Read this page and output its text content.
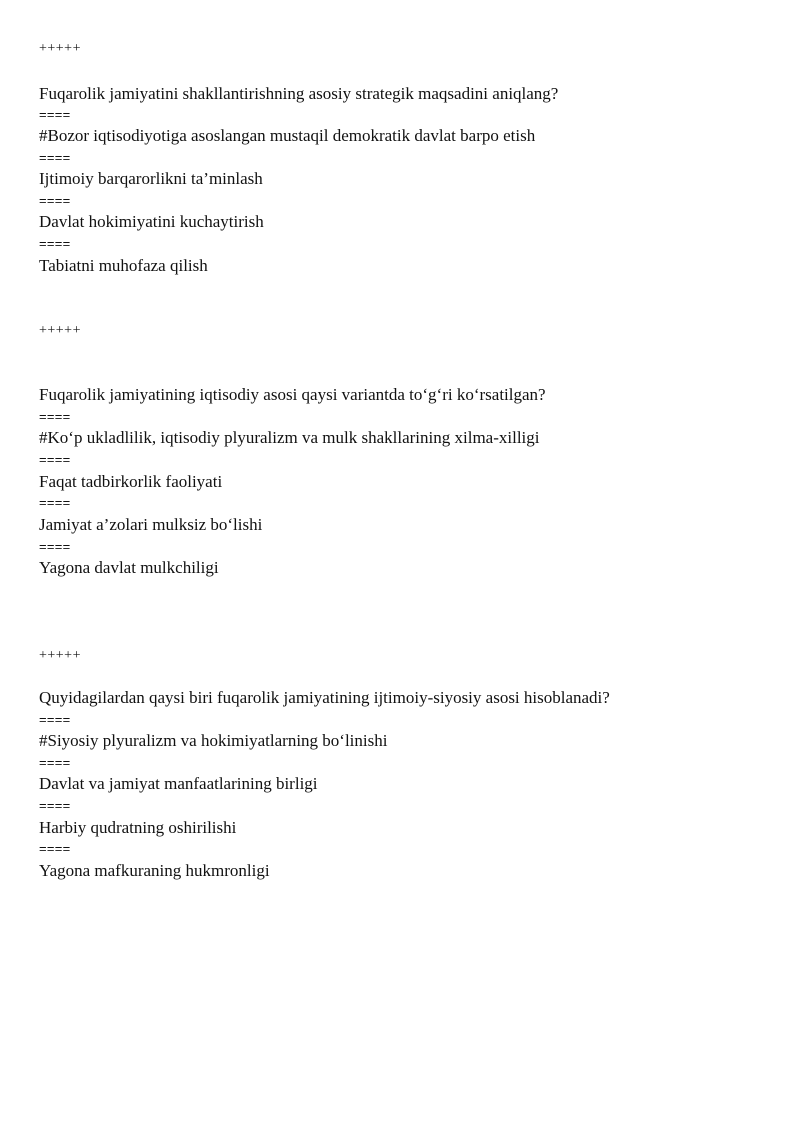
+++++
Fuqarolik jamiyatini shakllantirishning asosiy strategik maqsadini aniqlang?
====
#Bozor iqtisodiyotiga asoslangan mustaqil demokratik davlat barpo etish
====
Ijtimoiy barqarorlikni ta’minlash
====
Davlat hokimiyatini kuchaytirish
====
Tabiatni muhofaza qilish
+++++
Fuqarolik jamiyatining iqtisodiy asosi qaysi variantda to‘g‘ri ko‘rsatilgan?
====
#Ko‘p ukladlilik, iqtisodiy plyuralizm va mulk shakllarining xilma-xilligi
====
Faqat tadbirkorlik faoliyati
====
Jamiyat a’zolari mulksiz bo‘lishi
====
Yagona davlat mulkchiligi
+++++
Quyidagilardan qaysi biri fuqarolik jamiyatining ijtimoiy-siyosiy asosi hisoblanadi?
====
#Siyosiy plyuralizm va hokimiyatlarning bo‘linishi
====
Davlat va jamiyat manfaatlarining birligi
====
Harbiy qudratning oshirilishi
====
Yagona mafkuraning hukmronligi
